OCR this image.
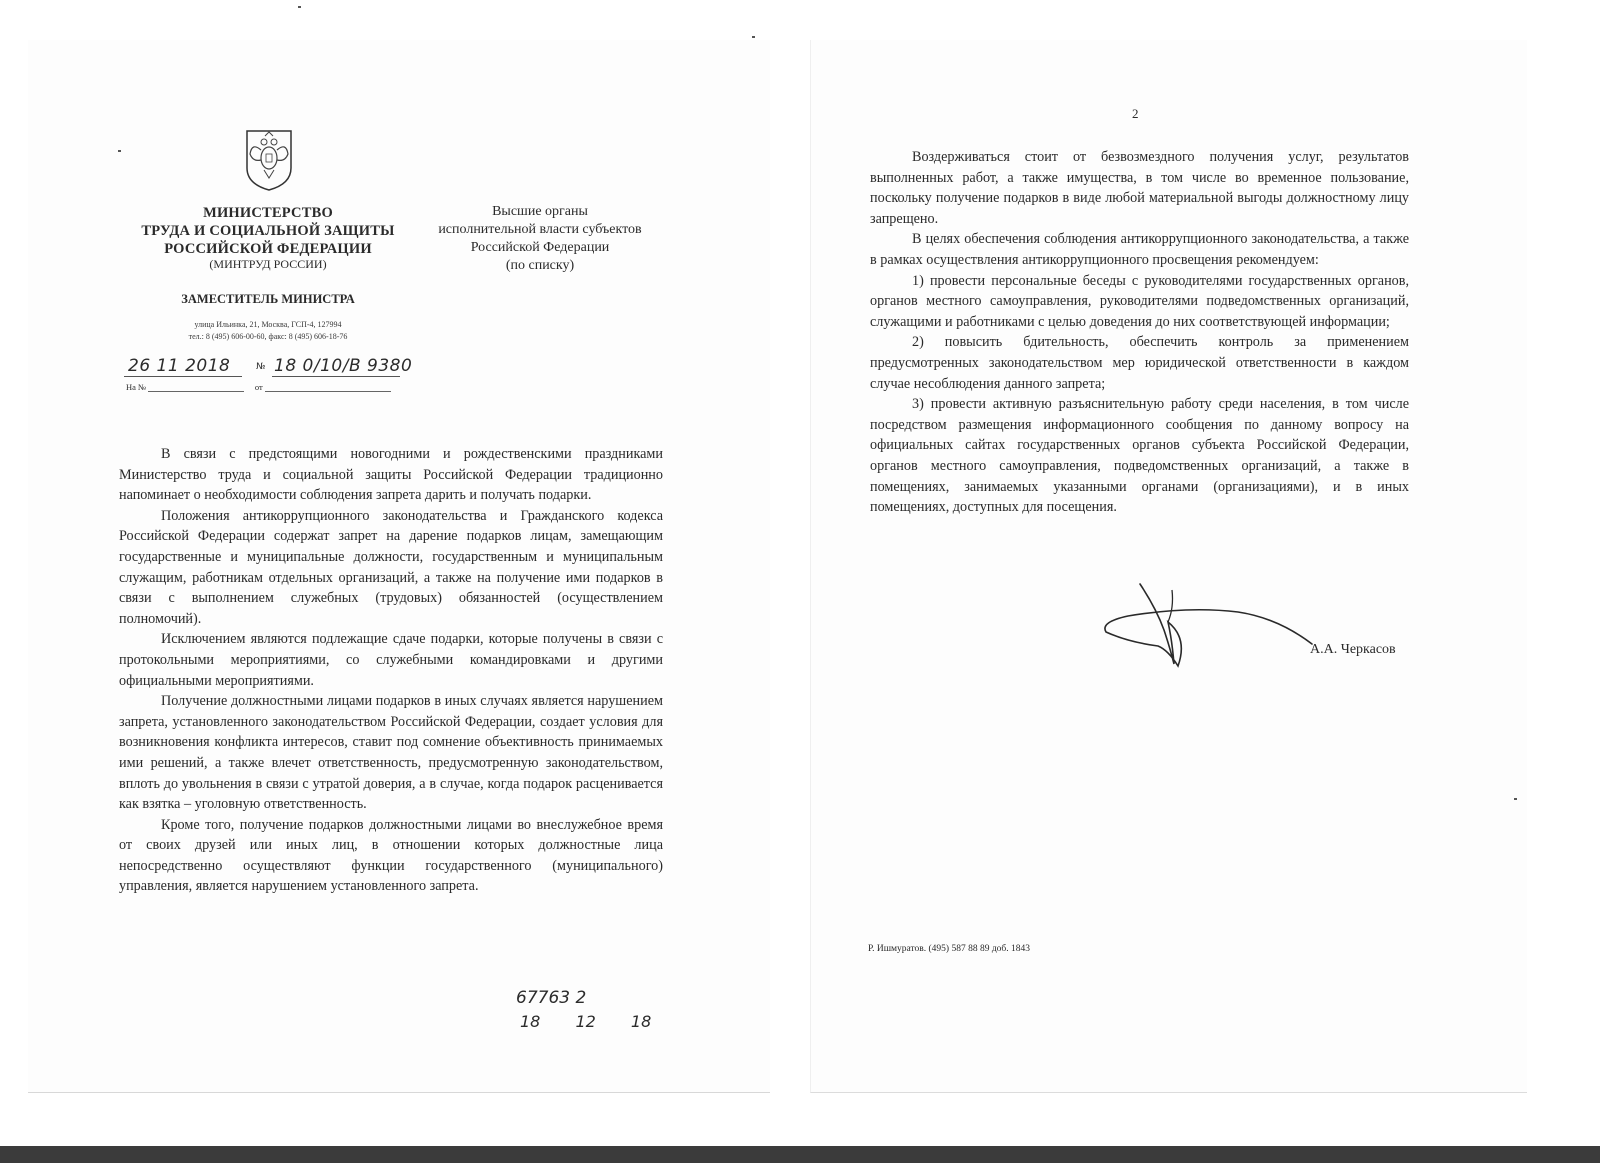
МИНИСТЕРСТВО
ТРУДА И СОЦИАЛЬНОЙ ЗАЩИТЫ
РОССИЙСКОЙ ФЕДЕРАЦИИ
(МИНТРУД РОССИИ)
ЗАМЕСТИТЕЛЬ МИНИСТРА
улица Ильинка, 21, Москва, ГСП-4, 127994
тел.: 8 (495) 606-00-60, факс: 8 (495) 606-18-76
26 11 2018	№ 18 0/10/В 9380
На №	от
Высшие органы
исполнительной власти субъектов
Российской Федерации
(по списку)

В связи с предстоящими новогодними и рождественскими праздниками Министерство труда и социальной защиты Российской Федерации традиционно напоминает о необходимости соблюдения запрета дарить и получать подарки.

Положения антикоррупционного законодательства и Гражданского кодекса Российской Федерации содержат запрет на дарение подарков лицам, замещающим государственные и муниципальные должности, государственным и муниципальным служащим, работникам отдельных организаций, а также на получение ими подарков в связи с выполнением служебных (трудовых) обязанностей (осуществлением полномочий).

Исключением являются подлежащие сдаче подарки, которые получены в связи с протокольными мероприятиями, со служебными командировками и другими официальными мероприятиями.

Получение должностными лицами подарков в иных случаях является нарушением запрета, установленного законодательством Российской Федерации, создает условия для возникновения конфликта интересов, ставит под сомнение объективность принимаемых ими решений, а также влечет ответственность, предусмотренную законодательством, вплоть до увольнения в связи с утратой доверия, а в случае, когда подарок расценивается как взятка – уголовную ответственность.

Кроме того, получение подарков должностными лицами во внеслужебное время от своих друзей или иных лиц, в отношении которых должностные лица непосредственно осуществляют функции государственного (муниципального) управления, является нарушением установленного запрета.

67763 2
18 12 18
2

Воздерживаться стоит от безвозмездного получения услуг, результатов выполненных работ, а также имущества, в том числе во временное пользование, поскольку получение подарков в виде любой материальной выгоды должностному лицу запрещено.

В целях обеспечения соблюдения антикоррупционного законодательства, а также в рамках осуществления антикоррупционного просвещения рекомендуем:

1) провести персональные беседы с руководителями государственных органов, органов местного самоуправления, руководителями подведомственных организаций, служащими и работниками с целью доведения до них соответствующей информации;

2) повысить бдительность, обеспечить контроль за применением предусмотренных законодательством мер юридической ответственности в каждом случае несоблюдения данного запрета;

3) провести активную разъяснительную работу среди населения, в том числе посредством размещения информационного сообщения по данному вопросу на официальных сайтах государственных органов субъекта Российской Федерации, органов местного самоуправления, подведомственных организаций, а также в помещениях, занимаемых указанными органами (организациями), и в иных помещениях, доступных для посещения.

А.А. Черкасов
Р. Ишмуратов. (495) 587 88 89 доб. 1843
